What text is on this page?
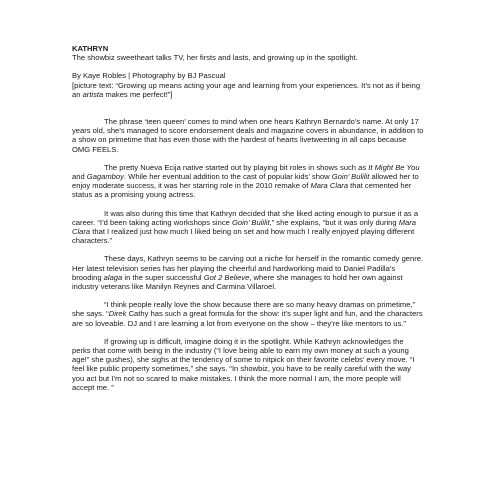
KATHRYN

The showbiz sweetheart talks TV, her firsts and lasts, and growing up in the spotlight.

By Kaye Robles | Photography by BJ Pascual

[picture text: “Growing up means acting your age and learning from your experiences. It’s not as if being an artista makes me perfect!”]

The phrase ‘teen queen’ comes to mind when one hears Kathryn Bernardo’s name. At only 17 years old, she’s managed to score endorsement deals and magazine covers in abundance, in addition to a show on primetime that has even those with the hardest of hearts livetweeting in all caps because OMG FEELS.

The pretty Nueva Ecija native started out by playing bit roles in shows such as It Might Be You and Gagamboy. While her eventual addition to the cast of popular kids’ show Goin’ Bulilit allowed her to enjoy moderate success, it was her starring role in the 2010 remake of Mara Clara that cemented her status as a promising young actress.

It was also during this time that Kathryn decided that she liked acting enough to pursue it as a career. “I’d been taking acting workshops since Goin’ Bulilit,” she explains, “but it was only during Mara Clara that I realized just how much I liked being on set and how much I really enjoyed playing different characters.”

These days, Kathryn seems to be carving out a niche for herself in the romantic comedy genre. Her latest television series has her playing the cheerful and hardworking maid to Daniel Padilla’s brooding alaga in the super successful Got 2 Believe, where she manages to hold her own against industry veterans like Manilyn Reynes and Carmina Villaroel.

“I think people really love the show because there are so many heavy dramas on primetime,” she says. “Direk Cathy has such a great formula for the show: it’s super light and fun, and the characters are so loveable. DJ and I are learning a lot from everyone on the show – they’re like mentors to us.”

If growing up is difficult, imagine doing it in the spotlight. While Kathryn acknowledges the perks that come with being in the industry (“I love being able to earn my own money at such a young age!” she gushes), she sighs at the tendency of some to nitpick on their favorite celebs’ every move. “I feel like public property sometimes,” she says. “In showbiz, you have to be really careful with the way you act but I’m not so scared to make mistakes. I think the more normal I am, the more people will accept me. ”
